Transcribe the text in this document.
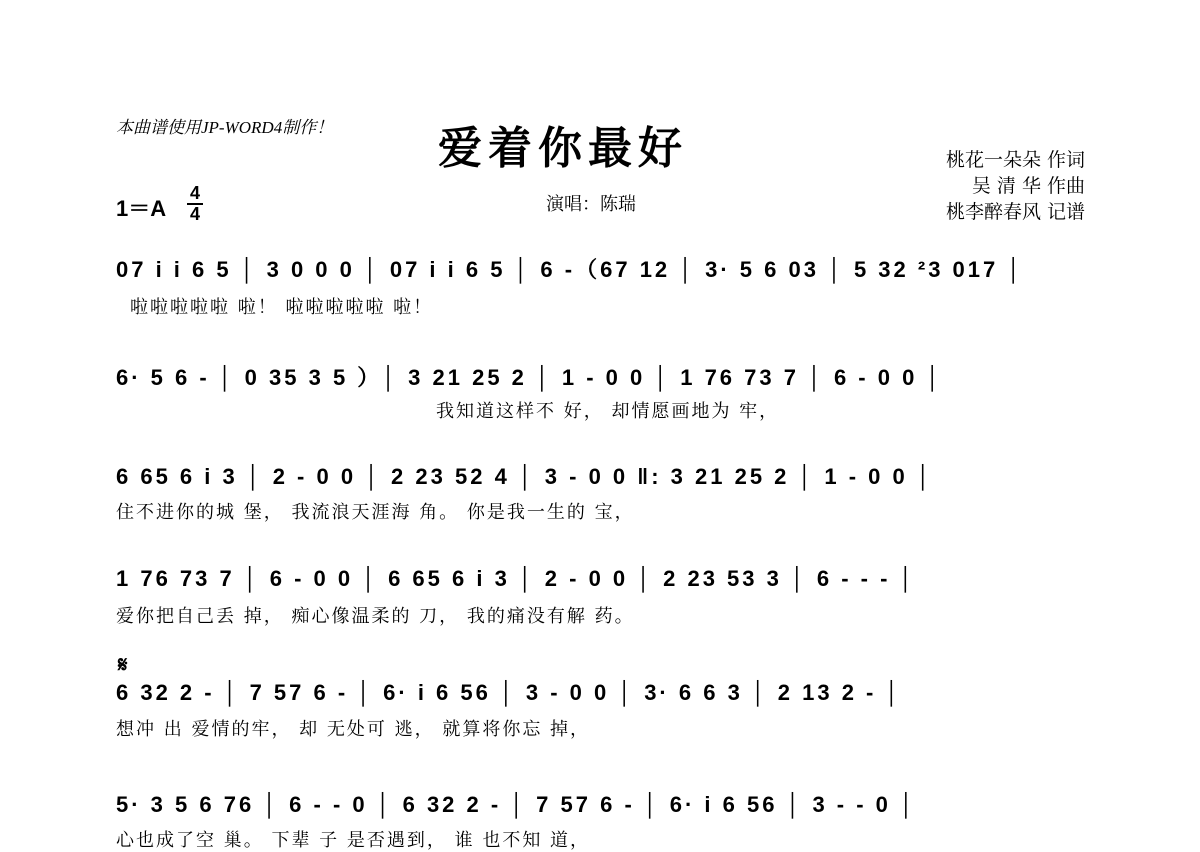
本曲谱使用JP-WORD4制作！ 爱着你最好	桃花一朵朵 作词
吴 清 华 作曲
桃李醉春风 记谱
1＝A
4
4	演唱：陈瑞
07 i i 6 5 │ 3 0 0 0 │ 07 i i 6 5 │ 6 -（67 12 │ 3· 5 6 03 │ 5 32 ²3 017 │
啦啦啦啦啦 啦！ 啦啦啦啦啦 啦！
6· 5 6 - │ 0 35 3 5 ）│ 3 21 25 2 │ 1 - 0 0 │ 1 76 73 7 │ 6 - 0 0 │
我知道这样不 好， 却情愿画地为 牢，
6 65 6 i 3 │ 2 - 0 0 │ 2 23 52 4 │ 3 - 0 0 ‖: 3 21 25 2 │ 1 - 0 0 │
住不进你的城 堡， 我流浪天涯海 角。 你是我一生的 宝，
1 76 73 7 │ 6 - 0 0 │ 6 65 6 i 3 │ 2 - 0 0 │ 2 23 53 3 │ 6 - - - │
爱你把自己丢 掉， 痴心像温柔的 刀， 我的痛没有解 药。
𝄋
6 32 2 - │ 7 57 6 - │ 6· i 6 56 │ 3 - 0 0 │ 3· 6 6 3 │ 2 13 2 - │
想冲 出 爱情的牢， 却 无处可 逃， 就算将你忘 掉，
5· 3 5 6 76 │ 6 - - 0 │ 6 32 2 - │ 7 57 6 - │ 6· i 6 56 │ 3 - - 0 │
心也成了空 巢。 下辈 子 是否遇到， 谁 也不知 道，
